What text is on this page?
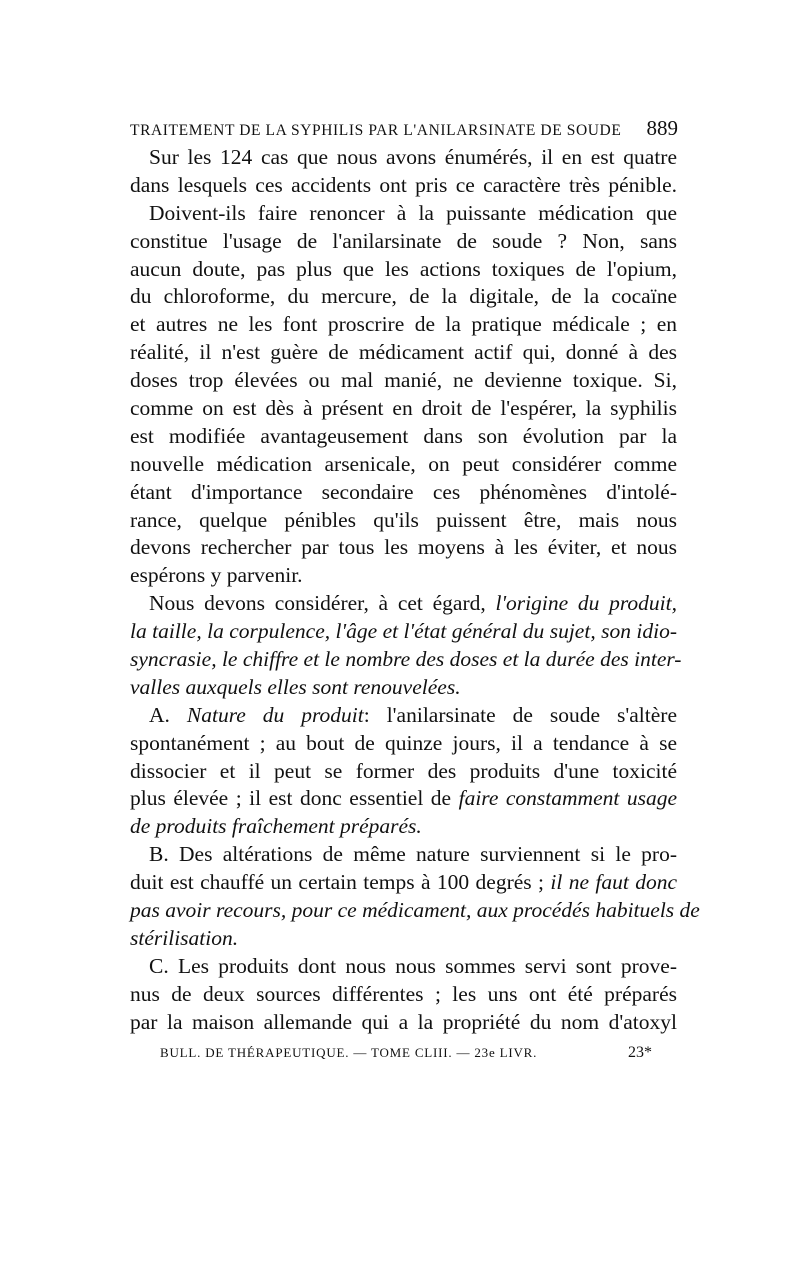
TRAITEMENT DE LA SYPHILIS PAR L'ANILARSINATE DE SOUDE 889
Sur les 124 cas que nous avons énumérés, il en est quatre
dans lesquels ces accidents ont pris ce caractère très pénible.
Doivent-ils faire renoncer à la puissante médication que
constitue l'usage de l'anilarsinate de soude ? Non, sans
aucun doute, pas plus que les actions toxiques de l'opium,
du chloroforme, du mercure, de la digitale, de la cocaïne
et autres ne les font proscrire de la pratique médicale ; en
réalité, il n'est guère de médicament actif qui, donné à des
doses trop élevées ou mal manié, ne devienne toxique. Si,
comme on est dès à présent en droit de l'espérer, la syphilis
est modifiée avantageusement dans son évolution par la
nouvelle médication arsenicale, on peut considérer comme
étant d'importance secondaire ces phénomènes d'intolé-
rance, quelque pénibles qu'ils puissent être, mais nous
devons rechercher par tous les moyens à les éviter, et nous
espérons y parvenir.
Nous devons considérer, à cet égard, l'origine du produit,
la taille, la corpulence, l'âge et l'état général du sujet, son idio-
syncrasie, le chiffre et le nombre des doses et la durée des inter-
valles auxquels elles sont renouvelées.
A. Nature du produit: l'anilarsinate de soude s'altère
spontanément ; au bout de quinze jours, il a tendance à se
dissocier et il peut se former des produits d'une toxicité
plus élevée ; il est donc essentiel de faire constamment usage
de produits fraîchement préparés.
B. Des altérations de même nature surviennent si le pro-
duit est chauffé un certain temps à 100 degrés ; il ne faut donc
pas avoir recours, pour ce médicament, aux procédés habituels de
stérilisation.
C. Les produits dont nous nous sommes servi sont prove-
nus de deux sources différentes ; les uns ont été préparés
par la maison allemande qui a la propriété du nom d'atoxyl
BULL. DE THÉRAPEUTIQUE. — TOME CLIII. — 23e LIVR.	23*
